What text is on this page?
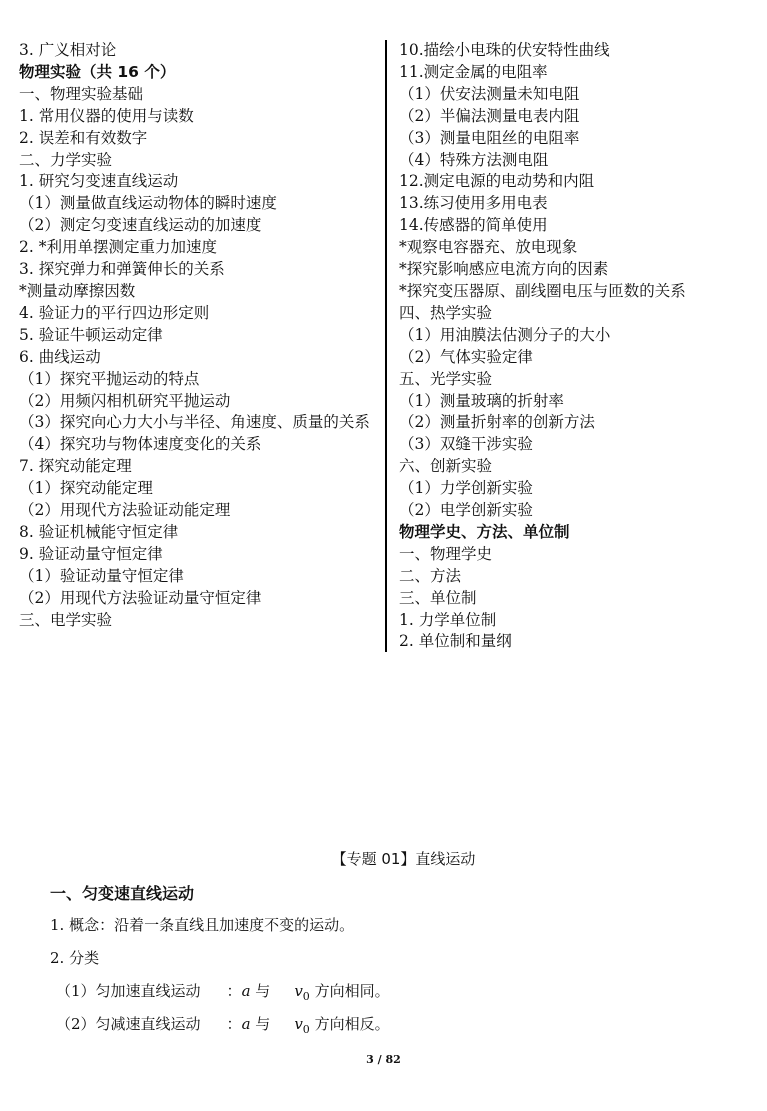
3. 广义相对论
物理实验（共 16 个）
一、物理实验基础
1. 常用仪器的使用与读数
2. 误差和有效数字
二、力学实验
1. 研究匀变速直线运动
（1）测量做直线运动物体的瞬时速度
（2）测定匀变速直线运动的加速度
2. *利用单摆测定重力加速度
3. 探究弹力和弹簧伸长的关系
*测量动摩擦因数
4. 验证力的平行四边形定则
5. 验证牛顿运动定律
6. 曲线运动
（1）探究平抛运动的特点
（2）用频闪相机研究平抛运动
（3）探究向心力大小与半径、角速度、质量的关系
（4）探究功与物体速度变化的关系
7. 探究动能定理
（1）探究动能定理
（2）用现代方法验证动能定理
8. 验证机械能守恒定律
9. 验证动量守恒定律
（1）验证动量守恒定律
（2）用现代方法验证动量守恒定律
三、电学实验
10.描绘小电珠的伏安特性曲线
11.测定金属的电阻率
（1）伏安法测量未知电阻
（2）半偏法测量电表内阻
（3）测量电阻丝的电阻率
（4）特殊方法测电阻
12.测定电源的电动势和内阻
13.练习使用多用电表
14.传感器的简单使用
*观察电容器充、放电现象
*探究影响感应电流方向的因素
*探究变压器原、副线圈电压与匝数的关系
四、热学实验
（1）用油膜法估测分子的大小
（2）气体实验定律
五、光学实验
（1）测量玻璃的折射率
（2）测量折射率的创新方法
（3）双缝干涉实验
六、创新实验
（1）力学创新实验
（2）电学创新实验
物理学史、方法、单位制
一、物理学史
二、方法
三、单位制
1. 力学单位制
2. 单位制和量纲
【专题 01】直线运动
一、匀变速直线运动
1. 概念：沿着一条直线且加速度不变的运动。
2. 分类
（1）匀加速直线运动 ：a 与 $v_0$ 方向相同。
（2）匀减速直线运动 ：a 与 $v_0$ 方向相反。
3 / 82
